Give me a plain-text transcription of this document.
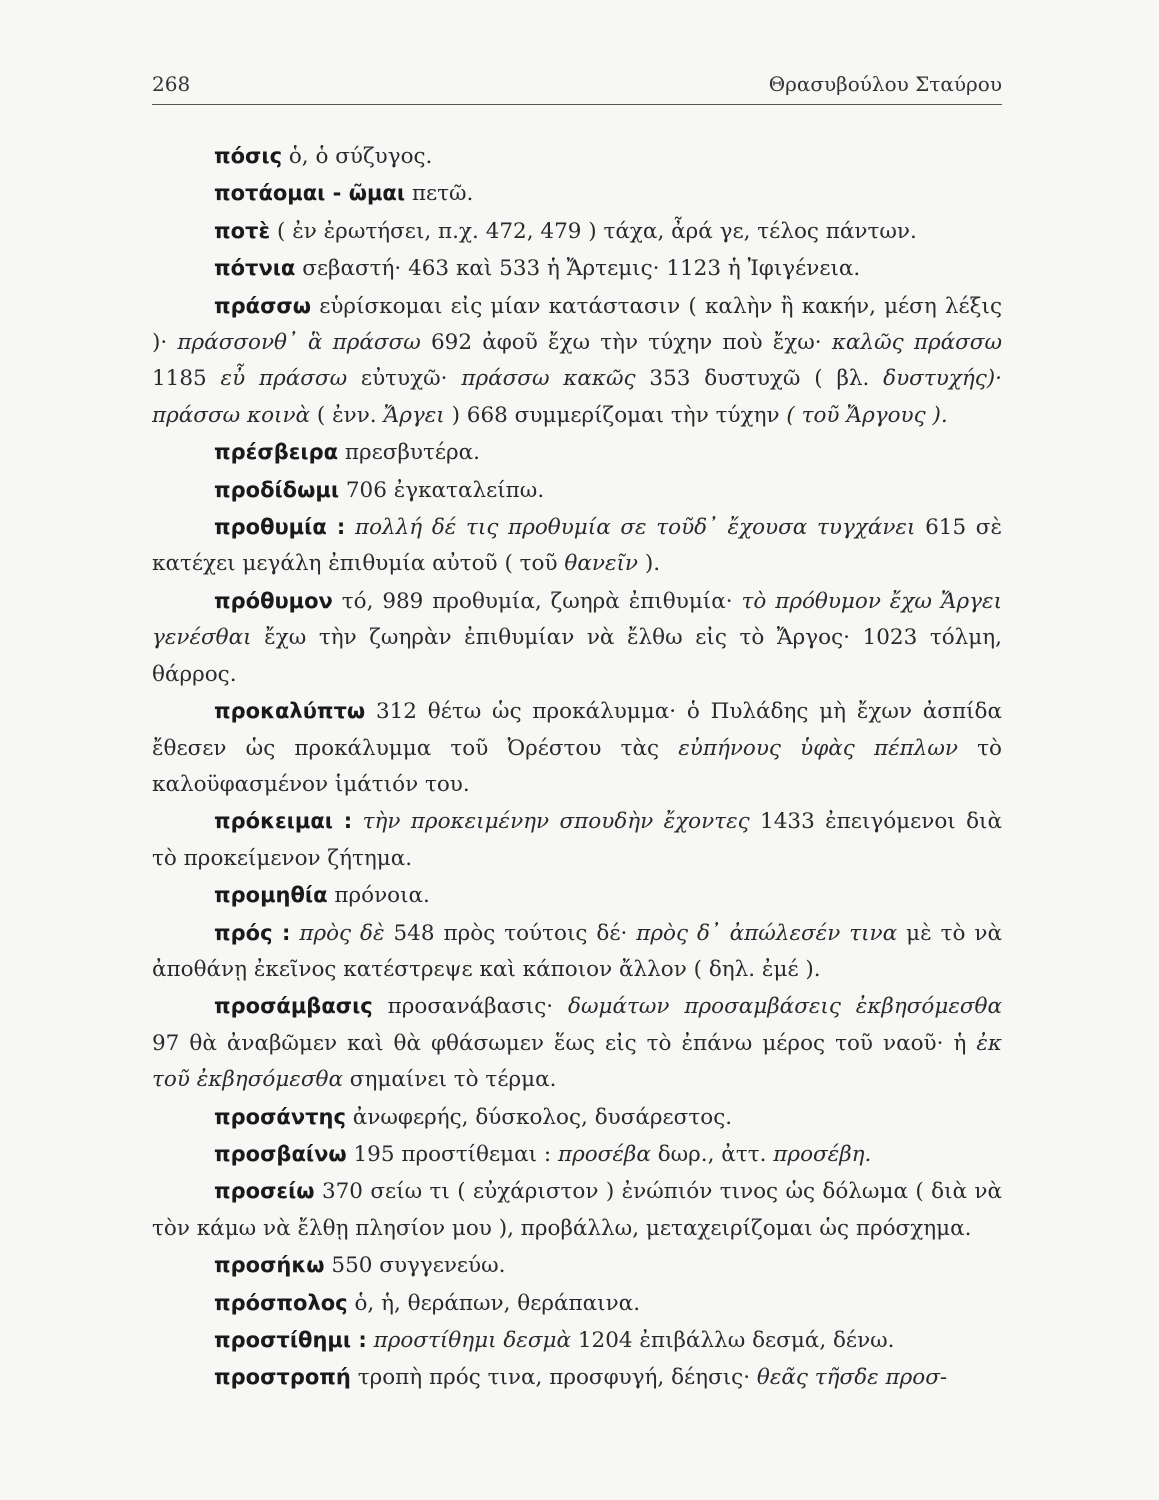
268	Θρασυβούλου Σταύρου

πόσις ὁ, ὁ σύζυγος.

ποτάομαι - ῶμαι πετῶ.

ποτὲ ( ἐν ἐρωτήσει, π.χ. 472, 479 ) τάχα, ἆρά γε, τέλος πάντων.

πότνια σεβαστή· 463 καὶ 533 ἡ Ἄρτεμις· 1123 ἡ Ἰφιγένεια.

πράσσω εὑρίσκομαι εἰς μίαν κατάστασιν ( καλὴν ἢ κακήν, μέση λέξις )· πράσσονθ᾽ ἃ πράσσω 692 ἀφοῦ ἔχω τὴν τύχην ποὺ ἔχω· καλῶς πράσσω 1185 εὖ πράσσω εὐτυχῶ· πράσσω κακῶς 353 δυστυχῶ ( βλ. δυστυχής)· πράσσω κοινὰ ( ἐνν. Ἄργει ) 668 συμμερίζομαι τὴν τύχην ( τοῦ Ἄργους ).

πρέσβειρα πρεσβυτέρα.

προδίδωμι 706 ἐγκαταλείπω.

προθυμία : πολλή δέ τις προθυμία σε τοῦδ᾽ ἔχουσα τυγχάνει 615 σὲ κατέχει μεγάλη ἐπιθυμία αὐτοῦ ( τοῦ θανεῖν ).

πρόθυμον τό, 989 προθυμία, ζωηρὰ ἐπιθυμία· τὸ πρόθυμον ἔχω Ἄργει γενέσθαι ἔχω τὴν ζωηρὰν ἐπιθυμίαν νὰ ἔλθω εἰς τὸ Ἄργος· 1023 τόλμη, θάρρος.

προκαλύπτω 312 θέτω ὡς προκάλυμμα· ὁ Πυλάδης μὴ ἔχων ἀσπίδα ἔθεσεν ὡς προκάλυμμα τοῦ Ὀρέστου τὰς εὐπήνους ὑφὰς πέπλων τὸ καλοϋφασμένον ἱμάτιόν του.

πρόκειμαι : τὴν προκειμένην σπουδὴν ἔχοντες 1433 ἐπειγόμενοι διὰ τὸ προκείμενον ζήτημα.

προμηθία πρόνοια.

πρός : πρὸς δὲ 548 πρὸς τούτοις δέ· πρὸς δ᾽ ἀπώλεσέν τινα μὲ τὸ νὰ ἀποθάνῃ ἐκεῖνος κατέστρεψε καὶ κάποιον ἄλλον ( δηλ. ἐμέ ).

προσάμβασις προσανάβασις· δωμάτων προσαμβάσεις ἐκβησόμεσθα 97 θὰ ἀναβῶμεν καὶ θὰ φθάσωμεν ἕως εἰς τὸ ἐπάνω μέρος τοῦ ναοῦ· ἡ ἐκ τοῦ ἐκβησόμεσθα σημαίνει τὸ τέρμα.

προσάντης ἀνωφερής, δύσκολος, δυσάρεστος.

προσβαίνω 195 προστίθεμαι : προσέβα δωρ., ἀττ. προσέβη.

προσείω 370 σείω τι ( εὐχάριστον ) ἐνώπιόν τινος ὡς δόλωμα ( διὰ νὰ τὸν κάμω νὰ ἔλθῃ πλησίον μου ), προβάλλω, μεταχειρίζομαι ὡς πρόσχημα.

προσήκω 550 συγγενεύω.

πρόσπολος ὁ, ἡ, θεράπων, θεράπαινα.

προστίθημι : προστίθημι δεσμὰ 1204 ἐπιβάλλω δεσμά, δένω.

προστροπή τροπὴ πρός τινα, προσφυγή, δέησις· θεᾶς τῆσδε προσ-
